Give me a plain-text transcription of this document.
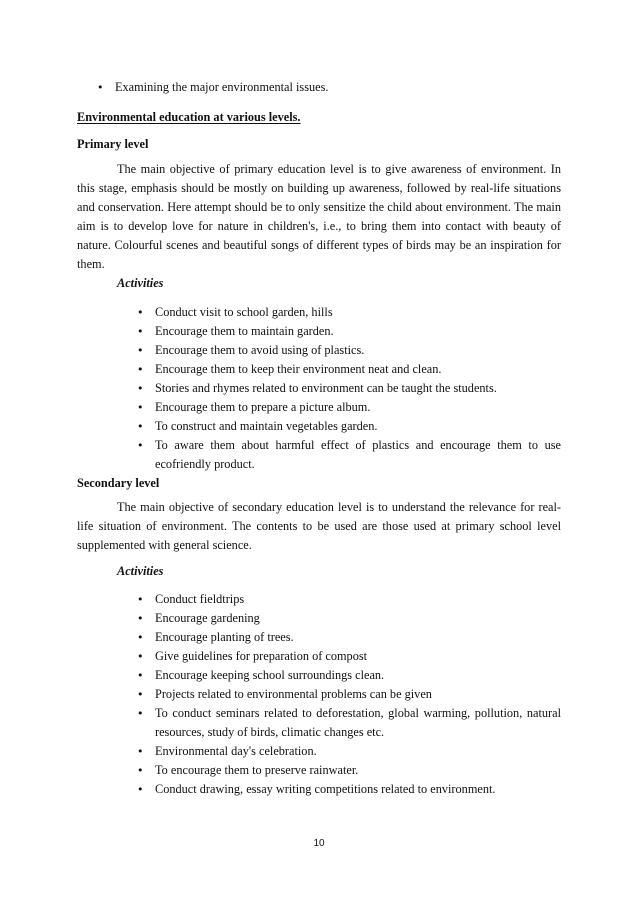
• Examining the major environmental issues.
Environmental education at various levels.
Primary level

The main objective of primary education level is to give awareness of environment. In this stage, emphasis should be mostly on building up awareness, followed by real-life situations and conservation. Here attempt should be to only sensitize the child about environment. The main aim is to develop love for nature in children's, i.e., to bring them into contact with beauty of nature. Colourful scenes and beautiful songs of different types of birds may be an inspiration for them.

Activities
• Conduct visit to school garden, hills
• Encourage them to maintain garden.
• Encourage them to avoid using of plastics.
• Encourage them to keep their environment neat and clean.
• Stories and rhymes related to environment can be taught the students.
• Encourage them to prepare a picture album.
• To construct and maintain vegetables garden.
• To aware them about harmful effect of plastics and encourage them to use ecofriendly product.
Secondary level

The main objective of secondary education level is to understand the relevance for real-life situation of environment. The contents to be used are those used at primary school level supplemented with general science.

Activities
• Conduct fieldtrips
• Encourage gardening
• Encourage planting of trees.
• Give guidelines for preparation of compost
• Encourage keeping school surroundings clean.
• Projects related to environmental problems can be given
• To conduct seminars related to deforestation, global warming, pollution, natural resources, study of birds, climatic changes etc.
• Environmental day's celebration.
• To encourage them to preserve rainwater.
• Conduct drawing, essay writing competitions related to environment.
10
